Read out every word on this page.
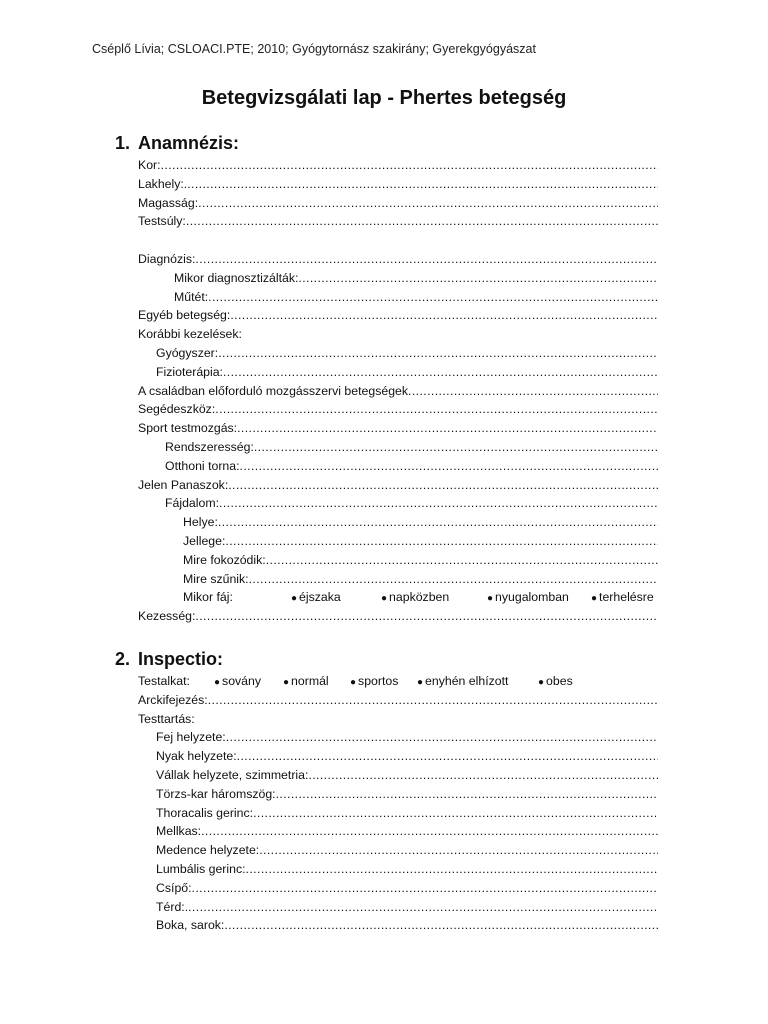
Cséplő Lívia; CSLOACI.PTE; 2010; Gyógytornász szakirány; Gyerekgyógyászat
Betegvizsgálati lap - Phertes betegség
1. Anamnézis:
Kor:
.....
Lakhely:.
.....
Magasság:
.....
Testsúly:
.....
Diagnózis:
.....
Mikor diagnosztizálták:
.....
Műtét:
.....
Egyéb betegség:
.....
Korábbi kezelések:
Gyógyszer:
.....
Fizioterápia:
.....
A családban előforduló mozgásszervi betegségek
.....
Segédeszköz:
.....
Sport testmozgás:
.....
Rendszeresség:
.....
Otthoni torna:
.....
Jelen Panaszok:
.....
Fájdalom:
.....
Helye:
.....
Jellege:
.....
Mire fokozódik:
.....
Mire szűnik:
.....
Mikor fáj:	● éjszaka	● napközben	● nyugalomban ● terhelésre
Kezesség:
.....
2. Inspectio:
Testalkat:	● sovány ● normál ● sportos ● enyhén elhízott	● obes
Arckifejezés:
.....
Testtartás:
Fej helyzete:
.....
Nyak helyzete:
.....
Vállak helyzete, szimmetria:
.....
Törzs-kar háromszög:
.....
Thoracalis gerinc:
.....
Mellkas:
.....
Medence helyzete:
.....
Lumbális gerinc:
.....
Csípő:
.....
Térd:.
.....
Boka, sarok:
.....
